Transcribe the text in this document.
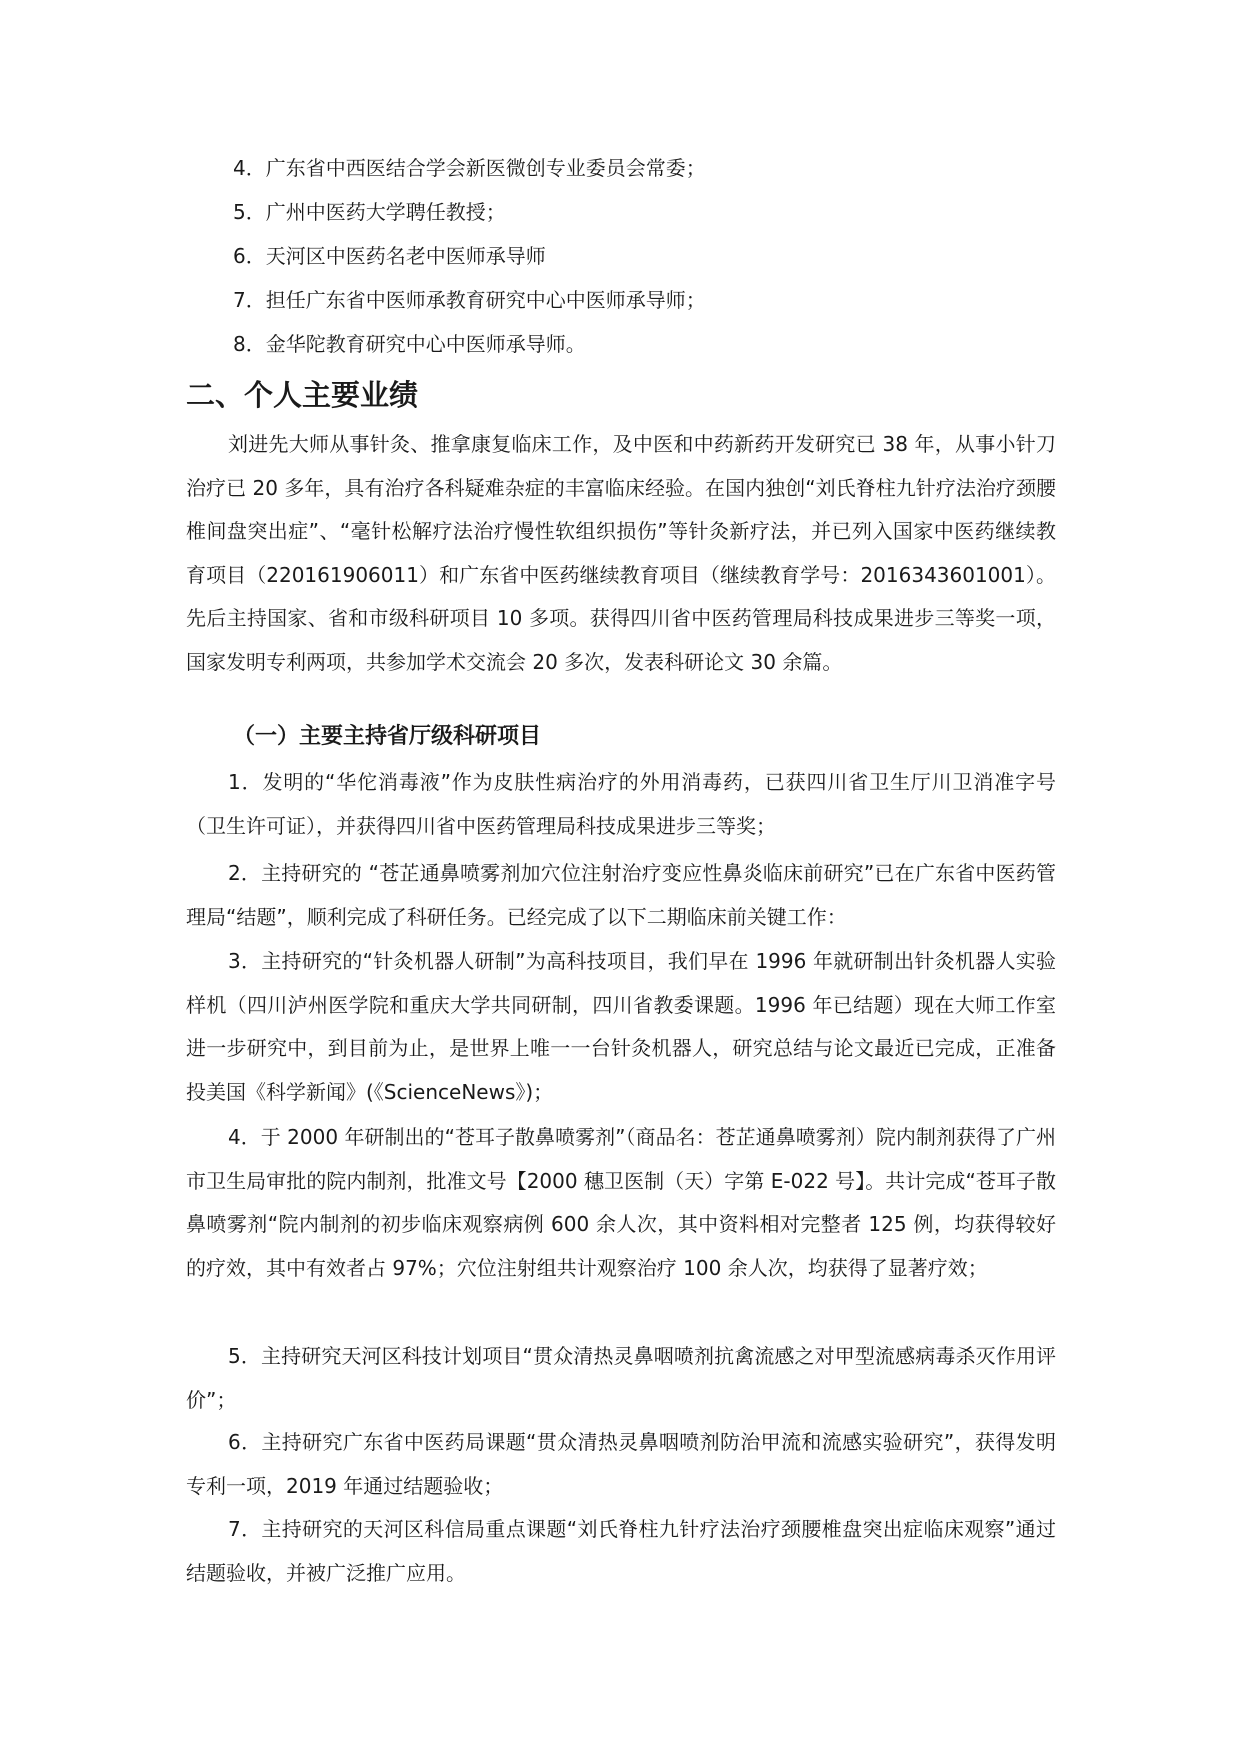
4．广东省中西医结合学会新医微创专业委员会常委；
5．广州中医药大学聘任教授；
6．天河区中医药名老中医师承导师
7．担任广东省中医师承教育研究中心中医师承导师；
8．金华陀教育研究中心中医师承导师。
二、个人主要业绩

刘进先大师从事针灸、推拿康复临床工作，及中医和中药新药开发研究已 38 年，从事小针刀治疗已 20 多年，具有治疗各科疑难杂症的丰富临床经验。在国内独创“刘氏脊柱九针疗法治疗颈腰椎间盘突出症”、“毫针松解疗法治疗慢性软组织损伤”等针灸新疗法，并已列入国家中医药继续教育项目（220161906011）和广东省中医药继续教育项目（继续教育学号：2016343601001）。先后主持国家、省和市级科研项目 10 多项。获得四川省中医药管理局科技成果进步三等奖一项，国家发明专利两项，共参加学术交流会 20 多次，发表科研论文 30 余篇。

（一）主要主持省厅级科研项目

1．发明的“华佗消毒液”作为皮肤性病治疗的外用消毒药，已获四川省卫生厅川卫消准字号（卫生许可证），并获得四川省中医药管理局科技成果进步三等奖；

2．主持研究的 “苍芷通鼻喷雾剂加穴位注射治疗变应性鼻炎临床前研究”已在广东省中医药管理局“结题”，顺利完成了科研任务。已经完成了以下二期临床前关键工作：

3．主持研究的“针灸机器人研制”为高科技项目，我们早在 1996 年就研制出针灸机器人实验样机（四川泸州医学院和重庆大学共同研制，四川省教委课题。1996 年已结题）现在大师工作室进一步研究中，到目前为止，是世界上唯一一台针灸机器人，研究总结与论文最近已完成，正准备投美国《科学新闻》(《ScienceNews》)；

4．于 2000 年研制出的“苍耳子散鼻喷雾剂”（商品名：苍芷通鼻喷雾剂）院内制剂获得了广州市卫生局审批的院内制剂，批准文号【2000 穗卫医制（天）字第 E-022 号】。共计完成“苍耳子散鼻喷雾剂“院内制剂的初步临床观察病例 600 余人次，其中资料相对完整者 125 例，均获得较好的疗效，其中有效者占 97%；穴位注射组共计观察治疗 100 余人次，均获得了显著疗效；

5．主持研究天河区科技计划项目“贯众清热灵鼻咽喷剂抗禽流感之对甲型流感病毒杀灭作用评价”；

6．主持研究广东省中医药局课题“贯众清热灵鼻咽喷剂防治甲流和流感实验研究”，获得发明专利一项，2019 年通过结题验收；

7．主持研究的天河区科信局重点课题“刘氏脊柱九针疗法治疗颈腰椎盘突出症临床观察”通过结题验收，并被广泛推广应用。
